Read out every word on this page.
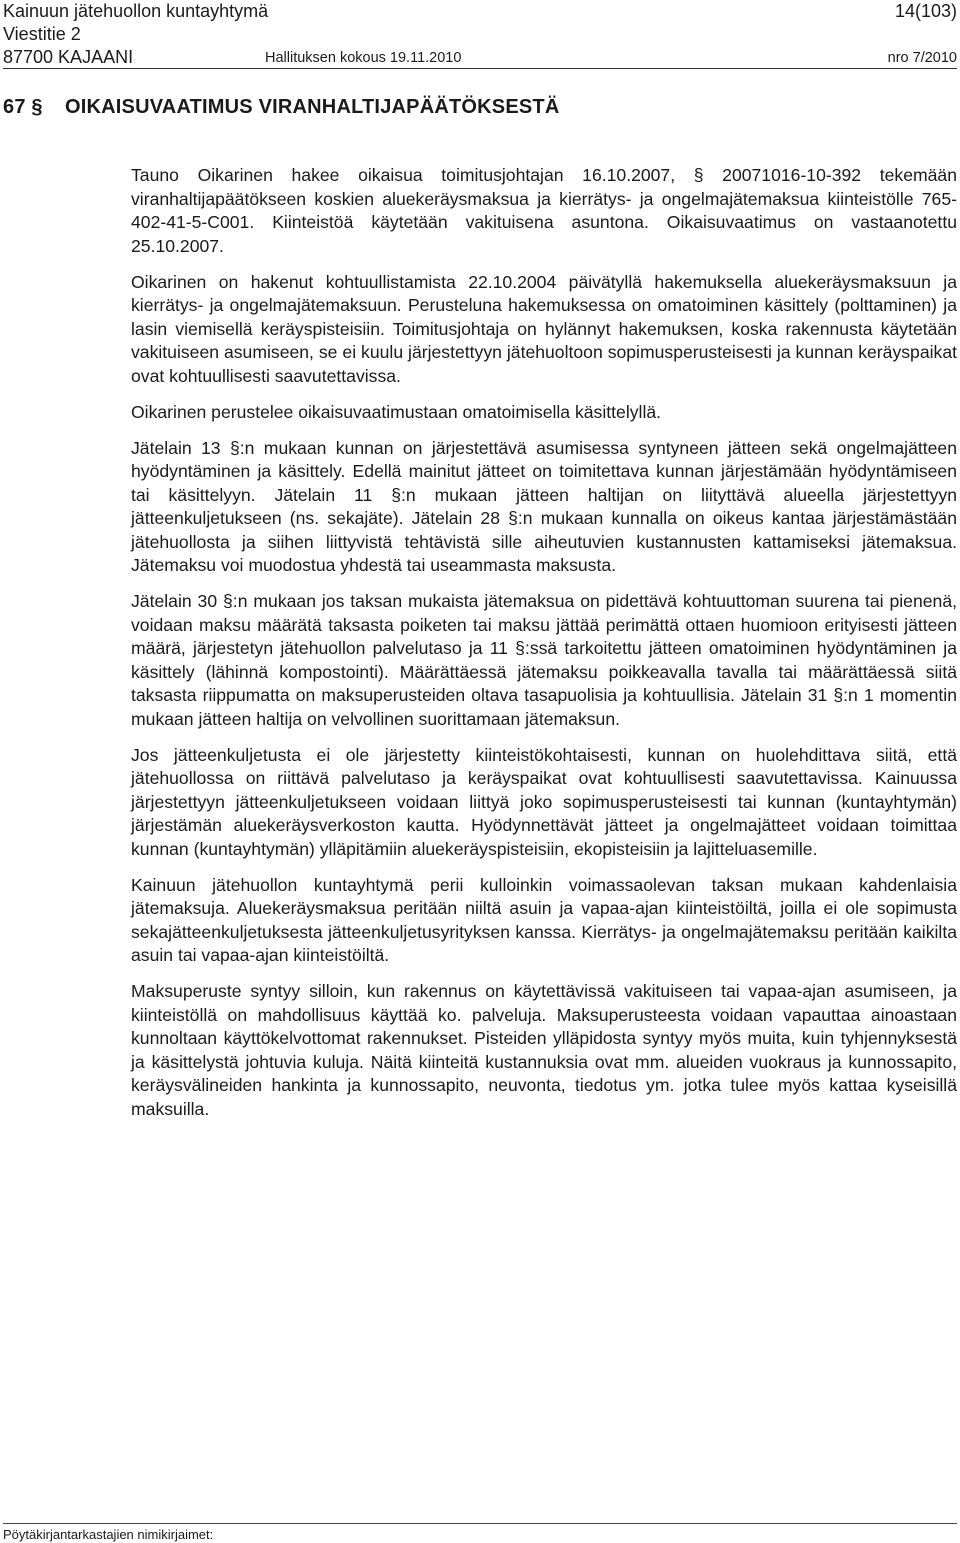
Kainuun jätehuollon kuntayhtymä	14(103)
Viestitie 2
87700 KAJAANI	Hallituksen kokous 19.11.2010	nro 7/2010
67 § OIKAISUVAATIMUS VIRANHALTIJAPÄÄTÖKSESTÄ

Tauno Oikarinen hakee oikaisua toimitusjohtajan 16.10.2007, § 20071016-10-392 tekemään viranhaltijapäätökseen koskien aluekeräysmaksua ja kierrätys- ja ongelmajätemaksua kiinteistölle 765-402-41-5-C001. Kiinteistöä käytetään vakituisena asuntona. Oikaisuvaatimus on vastaanotettu 25.10.2007.

Oikarinen on hakenut kohtuullistamista 22.10.2004 päivätyllä hakemuksella aluekeräysmaksuun ja kierrätys- ja ongelmajätemaksuun. Perusteluna hakemuksessa on omatoiminen käsittely (polttaminen) ja lasin viemisellä keräyspisteisiin. Toimitusjohtaja on hylännyt hakemuksen, koska rakennusta käytetään vakituiseen asumiseen, se ei kuulu järjestettyyn jätehuoltoon sopimusperusteisesti ja kunnan keräyspaikat ovat kohtuullisesti saavutettavissa.

Oikarinen perustelee oikaisuvaatimustaan omatoimisella käsittelyllä.

Jätelain 13 §:n mukaan kunnan on järjestettävä asumisessa syntyneen jätteen sekä ongelmajätteen hyödyntäminen ja käsittely. Edellä mainitut jätteet on toimitettava kunnan järjestämään hyödyntämiseen tai käsittelyyn. Jätelain 11 §:n mukaan jätteen haltijan on liityttävä alueella järjestettyyn jätteenkuljetukseen (ns. sekajäte). Jätelain 28 §:n mukaan kunnalla on oikeus kantaa järjestämästään jätehuollosta ja siihen liittyvistä tehtävistä sille aiheutuvien kustannusten kattamiseksi jätemaksua. Jätemaksu voi muodostua yhdestä tai useammasta maksusta.

Jätelain 30 §:n mukaan jos taksan mukaista jätemaksua on pidettävä kohtuuttoman suurena tai pienenä, voidaan maksu määrätä taksasta poiketen tai maksu jättää perimättä ottaen huomioon erityisesti jätteen määrä, järjestetyn jätehuollon palvelutaso ja 11 §:ssä tarkoitettu jätteen omatoiminen hyödyntäminen ja käsittely (lähinnä kompostointi). Määrättäessä jätemaksu poikkeavalla tavalla tai määrättäessä siitä taksasta riippumatta on maksuperusteiden oltava tasapuolisia ja kohtuullisia. Jätelain 31 §:n 1 momentin mukaan jätteen haltija on velvollinen suorittamaan jätemaksun.

Jos jätteenkuljetusta ei ole järjestetty kiinteistökohtaisesti, kunnan on huolehdittava siitä, että jätehuollossa on riittävä palvelutaso ja keräyspaikat ovat kohtuullisesti saavutettavissa. Kainuussa järjestettyyn jätteenkuljetukseen voidaan liittyä joko sopimusperusteisesti tai kunnan (kuntayhtymän) järjestämän aluekeräysverkoston kautta. Hyödynnettävät jätteet ja ongelmajätteet voidaan toimittaa kunnan (kuntayhtymän) ylläpitämiin aluekeräyspisteisiin, ekopisteisiin ja lajitteluasemille.

Kainuun jätehuollon kuntayhtymä perii kulloinkin voimassaolevan taksan mukaan kahdenlaisia jätemaksuja. Aluekeräysmaksua peritään niiltä asuin ja vapaa-ajan kiinteistöiltä, joilla ei ole sopimusta sekajätteenkuljetuksesta jätteenkuljetusyrityksen kanssa. Kierrätys- ja ongelmajätemaksu peritään kaikilta asuin tai vapaa-ajan kiinteistöiltä.

Maksuperuste syntyy silloin, kun rakennus on käytettävissä vakituiseen tai vapaa-ajan asumiseen, ja kiinteistöllä on mahdollisuus käyttää ko. palveluja. Maksuperusteesta voidaan vapauttaa ainoastaan kunnoltaan käyttökelvottomat rakennukset. Pisteiden ylläpidosta syntyy myös muita, kuin tyhjennyksestä ja käsittelystä johtuvia kuluja. Näitä kiinteitä kustannuksia ovat mm. alueiden vuokraus ja kunnossapito, keräysvälineiden hankinta ja kunnossapito, neuvonta, tiedotus ym. jotka tulee myös kattaa kyseisillä maksuilla.

Pöytäkirjantarkastajien nimikirjaimet:
